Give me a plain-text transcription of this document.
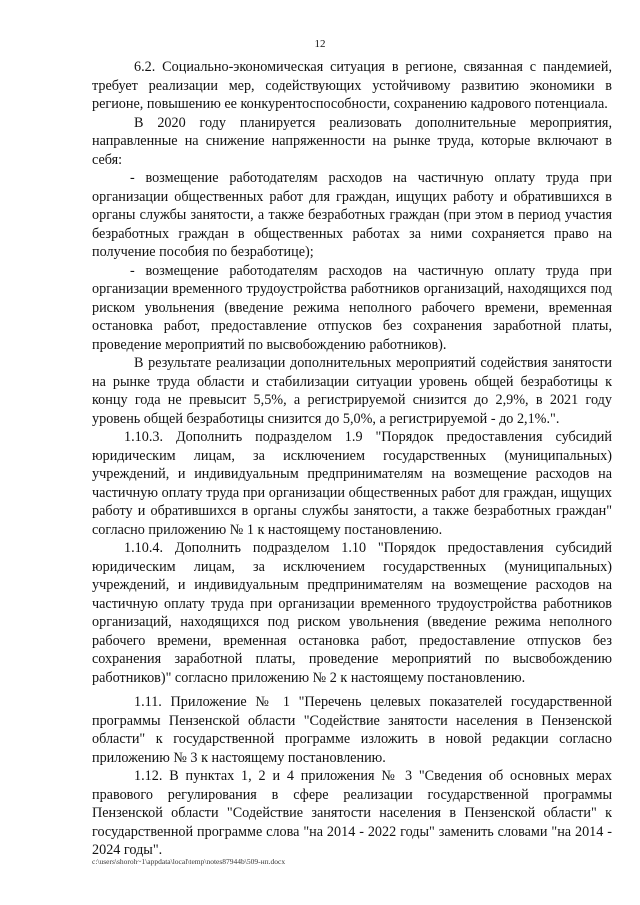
12

6.2. Социально-экономическая ситуация в регионе, связанная с пандемией, требует реализации мер, содействующих устойчивому развитию экономики в регионе, повышению ее конкурентоспособности, сохранению кадрового потенциала.

В 2020 году планируется реализовать дополнительные мероприятия, направленные на снижение напряженности на рынке труда, которые включают в себя:

- возмещение работодателям расходов на частичную оплату труда при организации общественных работ для граждан, ищущих работу и обратившихся в органы службы занятости, а также безработных граждан (при этом в период участия безработных граждан в общественных работах за ними сохраняется право на получение пособия по безработице);

- возмещение работодателям расходов на частичную оплату труда при организации временного трудоустройства работников организаций, находящихся под риском увольнения (введение режима неполного рабочего времени, временная остановка работ, предоставление отпусков без сохранения заработной платы, проведение мероприятий по высвобождению работников).

В результате реализации дополнительных мероприятий содействия занятости на рынке труда области и стабилизации ситуации уровень общей безработицы к концу года не превысит 5,5%, а регистрируемой снизится до 2,9%, в 2021 году уровень общей безработицы снизится до 5,0%, а регистрируемой - до 2,1%.".

1.10.3. Дополнить подразделом 1.9 "Порядок предоставления субсидий юридическим лицам, за исключением государственных (муниципальных) учреждений, и индивидуальным предпринимателям на возмещение расходов на частичную оплату труда при организации общественных работ для граждан, ищущих работу и обратившихся в органы службы занятости, а также безработных граждан" согласно приложению № 1 к настоящему постановлению.

1.10.4. Дополнить подразделом 1.10 "Порядок предоставления субсидий юридическим лицам, за исключением государственных (муниципальных) учреждений, и индивидуальным предпринимателям на возмещение расходов на частичную оплату труда при организации временного трудоустройства работников организаций, находящихся под риском увольнения (введение режима неполного рабочего времени, временная остановка работ, предоставление отпусков без сохранения заработной платы, проведение мероприятий по высвобождению работников)" согласно приложению № 2 к настоящему постановлению.

1.11. Приложение № 1 "Перечень целевых показателей государственной программы Пензенской области "Содействие занятости населения в Пензенской области" к государственной программе изложить в новой редакции согласно приложению № 3 к настоящему постановлению.

1.12. В пунктах 1, 2 и 4 приложения № 3 "Сведения об основных мерах правового регулирования в сфере реализации государственной программы Пензенской области "Содействие занятости населения в Пензенской области" к государственной программе слова "на 2014 - 2022 годы" заменить словами "на 2014 - 2024 годы".

c:\users\shoroh~1\appdata\local\temp\notes87944b\509-нп.docx
